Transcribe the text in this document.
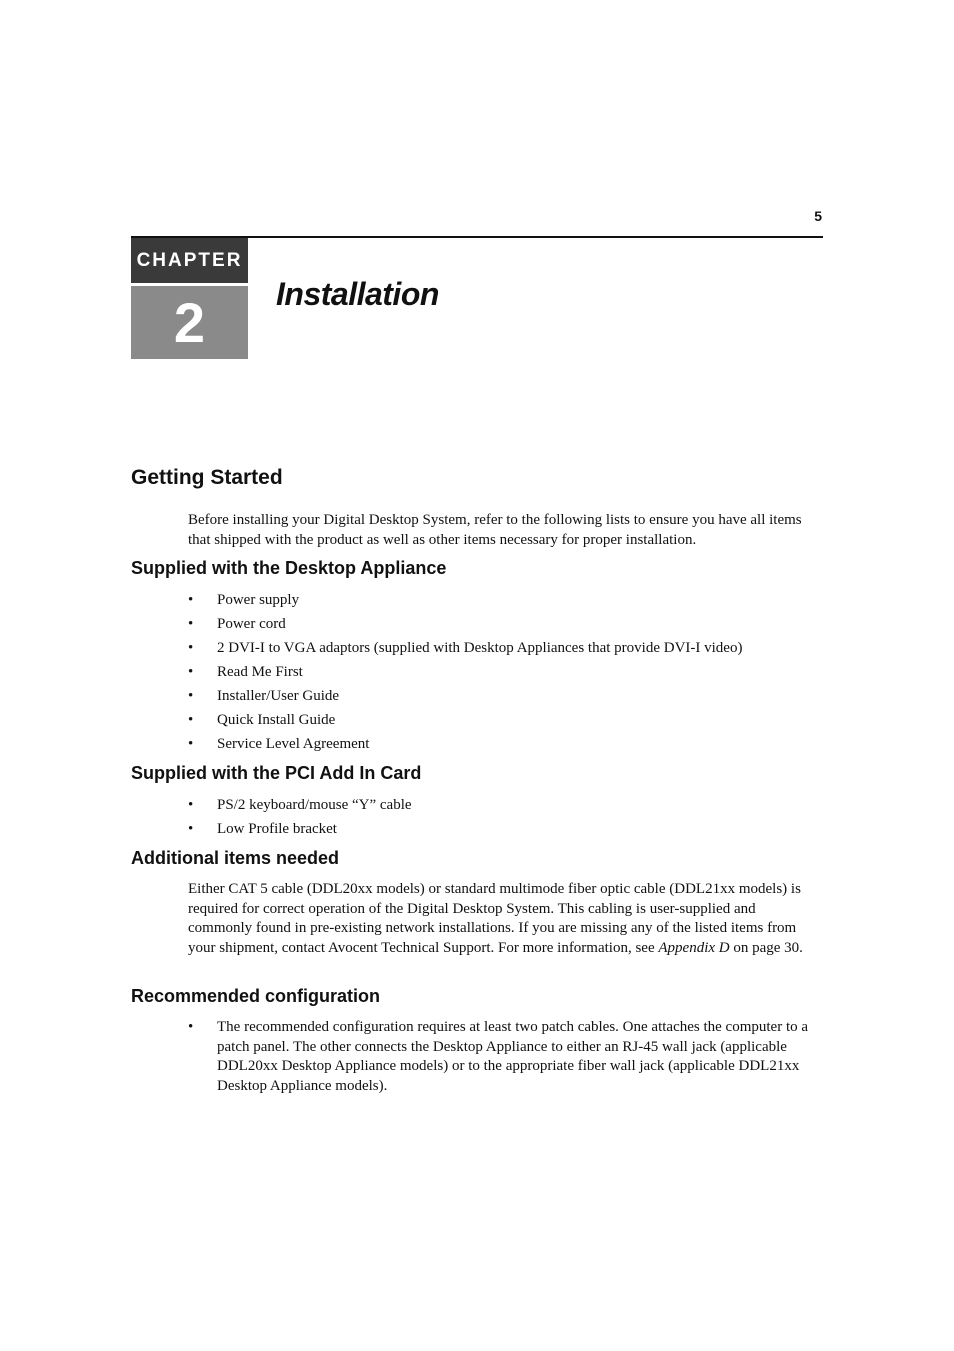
5
CHAPTER
2	Installation
Getting Started

Before installing your Digital Desktop System, refer to the following lists to ensure you have all items that shipped with the product as well as other items necessary for proper installation.

Supplied with the Desktop Appliance
• Power supply
• Power cord
• 2 DVI-I to VGA adaptors (supplied with Desktop Appliances that provide DVI-I video)
• Read Me First
• Installer/User Guide
• Quick Install Guide
• Service Level Agreement
Supplied with the PCI Add In Card
• PS/2 keyboard/mouse “Y” cable
• Low Profile bracket
Additional items needed

Either CAT 5 cable (DDL20xx models) or standard multimode fiber optic cable (DDL21xx models) is required for correct operation of the Digital Desktop System. This cabling is user-supplied and commonly found in pre-existing network installations. If you are missing any of the listed items from your shipment, contact Avocent Technical Support. For more information, see Appendix D on page 30.

Recommended configuration
• The recommended configuration requires at least two patch cables. One attaches the computer to a patch panel. The other connects the Desktop Appliance to either an RJ-45 wall jack (applicable DDL20xx Desktop Appliance models) or to the appropriate fiber wall jack (applicable DDL21xx Desktop Appliance models).
